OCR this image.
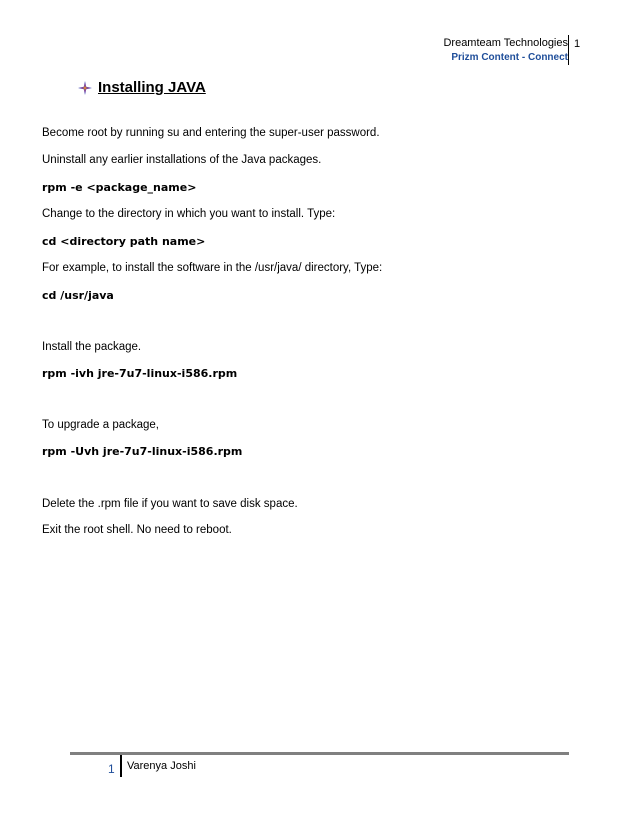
Dreamteam Technologies
Prizm Content - Connect
1
Installing JAVA
Become root by running su and entering the super-user password.
Uninstall any earlier installations of the Java packages.
rpm -e <package_name>
Change to the directory in which you want to install. Type:
cd <directory path name>
For example, to install the software in the /usr/java/ directory, Type:
cd /usr/java
Install the package.
rpm -ivh jre-7u7-linux-i586.rpm
To upgrade a package,
rpm -Uvh jre-7u7-linux-i586.rpm
Delete the .rpm file if you want to save disk space.
Exit the root shell. No need to reboot.
1 Varenya Joshi
